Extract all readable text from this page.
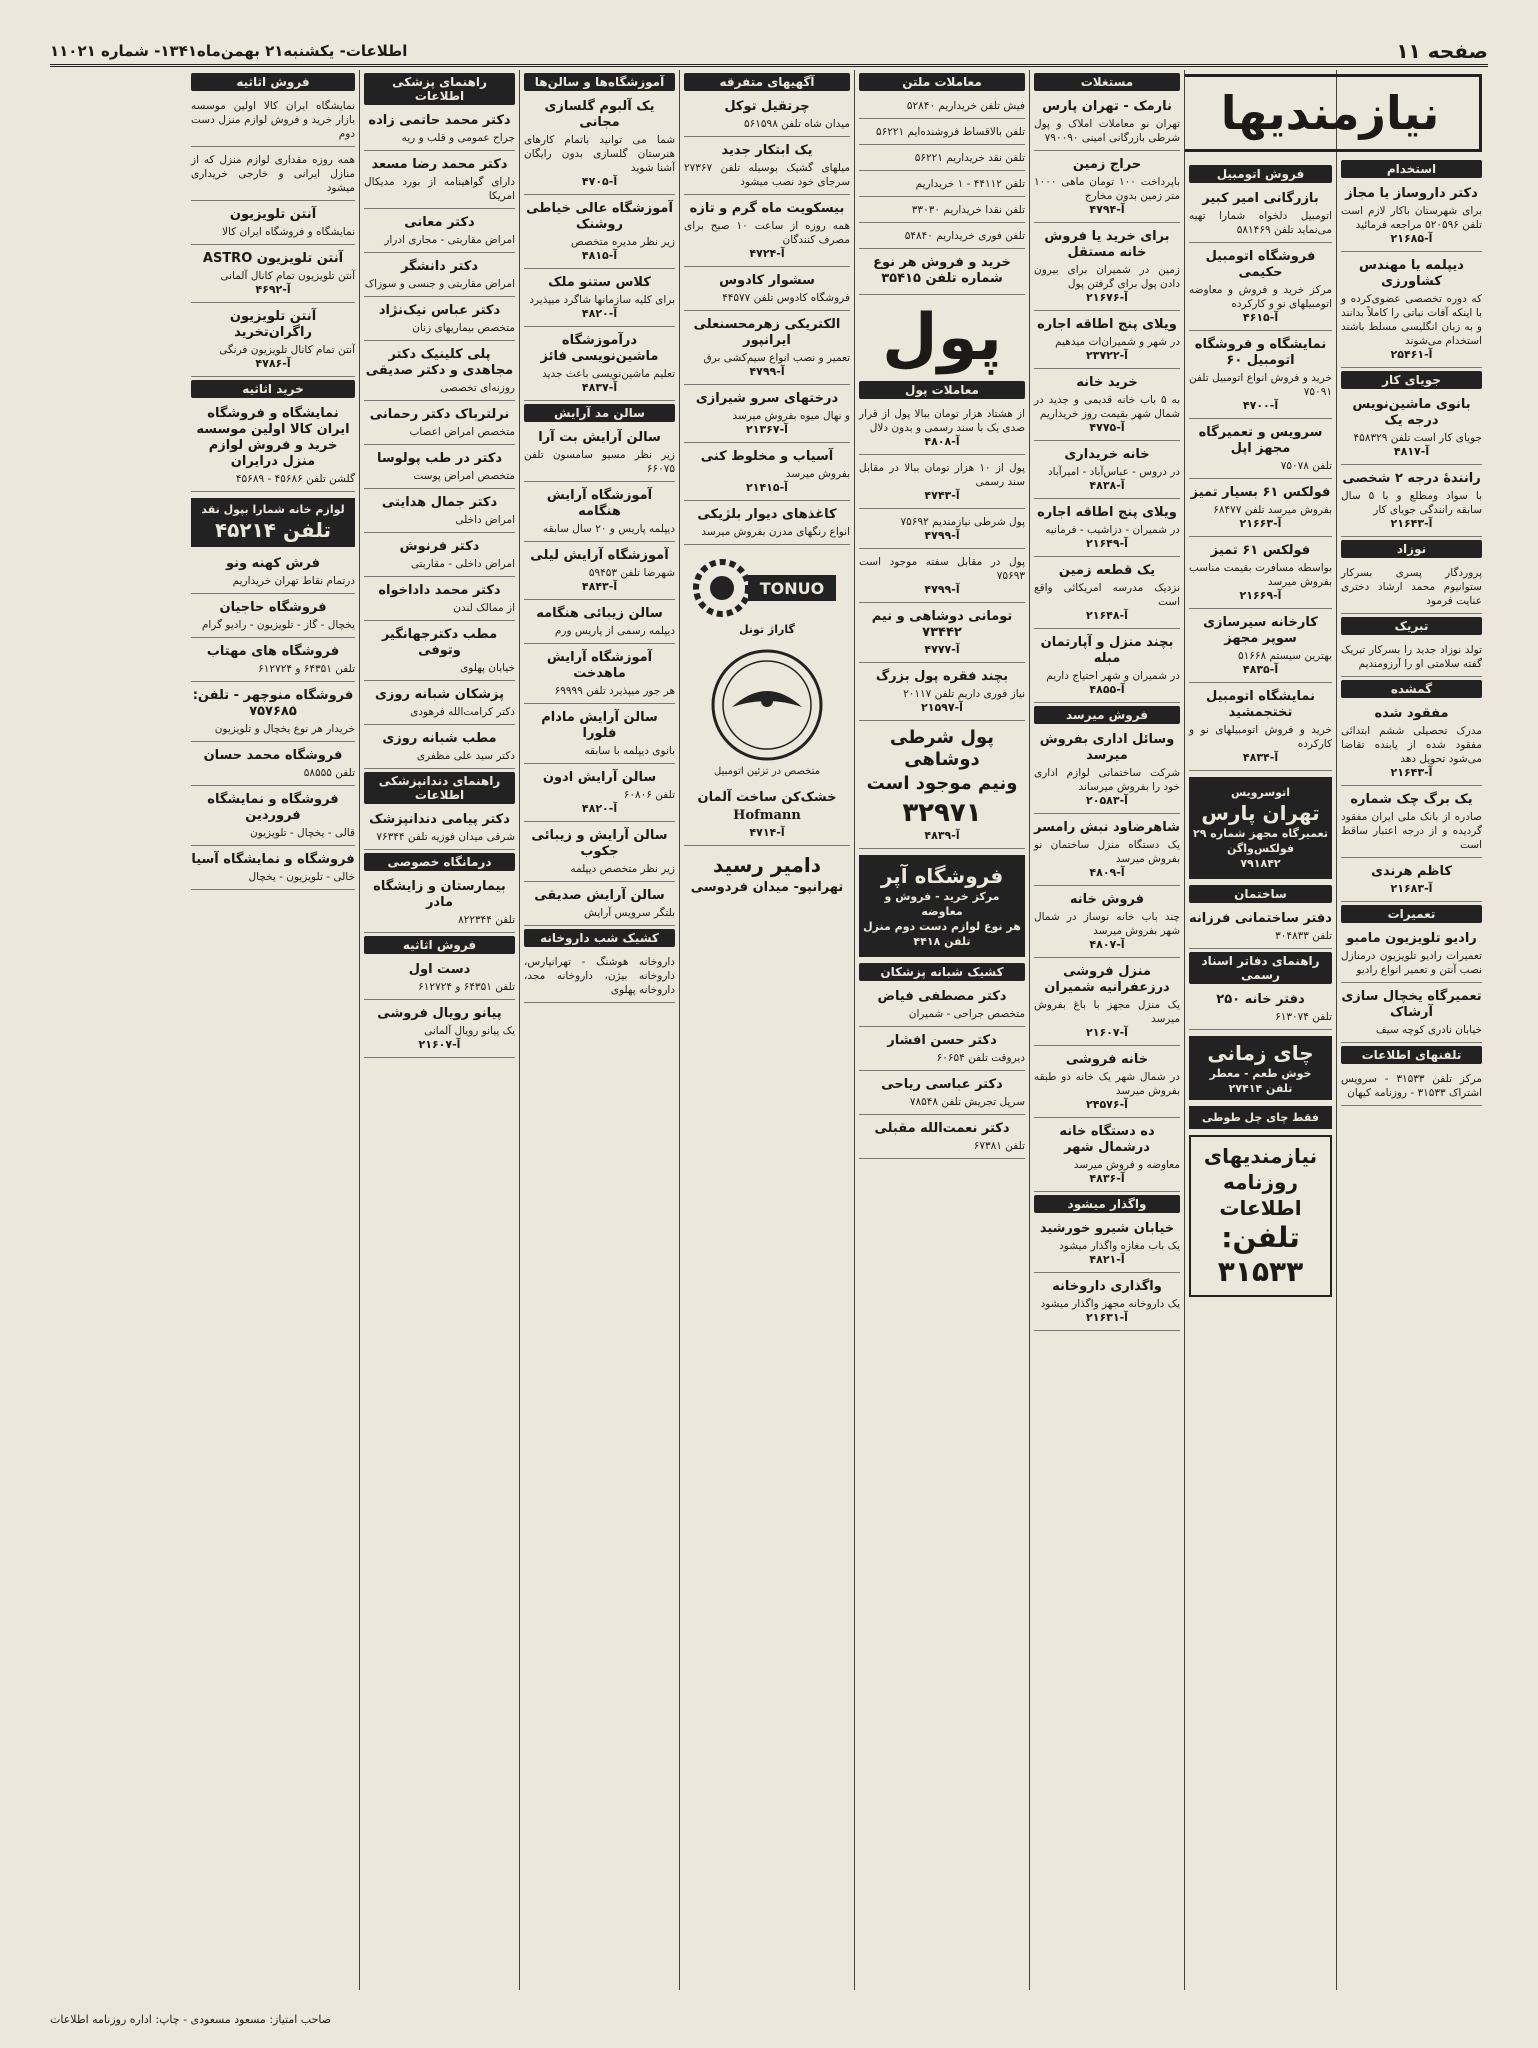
صفحه ۱۱
اطلاعات- یکشنبه۲۱ بهمن‌ماه۱۳۴۱- شماره ۱۱۰۲۱
نیازمندیها
استخدام
دکتر داروساز یا مجاز
برای شهرستان باکار لازم است تلفن ۵۲۰۵۹۶ مراجعه فرمائید
آ-۲۱۶۸۵
دیپلمه یا مهندس کشاورزی
که دوره تخصصی عضوی‌کرده و با اینکه آفات نباتی را کاملاً بدانند و به زبان انگلیسی مسلط باشند استخدام می‌شوند
آ-۲۵۴۶۱
جویای کار
بانوی ماشین‌نویس درجه یک
جویای کار است تلفن ۴۵۸۳۲۹
آ-۴۸۱۷
رانندهٔ درجه ۲ شخصی
با سواد ومطلع و با ۵ سال سابقه رانندگی جویای کار
آ-۲۱۶۴۳
نوزاد
پروردگار پسری بسرکار ستوانیوم محمد ارشاد دختری عنایت فرمود
تبریک
تولد نوزاد جدید را بسرکار تبریک گفته سلامتی او را آرزومندیم
گمشده
مفقود شده
مدرک تحصیلی ششم ابتدائی مفقود شده از یابنده تقاضا می‌شود تحویل دهد
آ-۲۱۶۴۳
یک برگ چک شماره
صادره از بانک ملی ایران مفقود گردیده و از درجه اعتبار ساقط است
کاظم هرندی
آ-۲۱۶۸۳
تعمیرات
رادیو تلویزیون مامبو
تعمیرات رادیو تلویزیون درمنازل نصب آنتن و تعمیر انواع رادیو
تعمیرگاه یخچال سازی آرشاک
خیابان نادری کوچه سیف
تلفنهای اطلاعات
مرکز تلفن ۳۱۵۳۳ - سرویس اشتراک ۳۱۵۳۳ - روزنامه کیهان
فروش اتومبیل
بازرگانی امیر کبیر
اتومبیل دلخواه شمارا تهیه می‌نماید تلفن ۵۸۱۴۶۹
فروشگاه اتومبیل حکیمی
مرکز خرید و فروش و معاوضه اتومبیلهای نو و کارکرده
آ-۴۶۱۵
نمایشگاه و فروشگاه اتومبیل ۶۰
خرید و فروش انواع اتومبیل تلفن ۷۵۰۹۱
آ-۴۷۰۰
سرویس و تعمیرگاه مجهز اپل
تلفن ۷۵۰۷۸
فولکس ۶۱ بسیار تمیز
بفروش میرسد تلفن ۶۸۴۷۷
آ-۲۱۶۶۳
فولکس ۶۱ تمیز
بواسطه مسافرت بقیمت مناسب بفروش میرسد
آ-۲۱۶۶۹
کارخانه سیرسازی سوپر مجهز
بهترین سیستم ۵۱۶۶۸
آ-۴۸۳۵
نمایشگاه اتومبیل تختجمشید
خرید و فروش اتومبیلهای نو و کارکرده
آ-۴۸۳۴
اتوسرویس
تهران پارس
تعمیرگاه مجهز شماره ۲۹ فولکس‌واگن
۷۹۱۸۴۲
ساختمان
دفتر ساختمانی فرزانه
تلفن ۳۰۴۸۳۳
راهنمای دفاتر اسناد رسمی
دفتر خانه ۲۵۰
تلفن ۶۱۳۰۷۴
چای زمانی
خوش طعم - معطر
تلفن ۲۷۴۱۴
فقط چای چل طوطی
نیازمندیهای
روزنامه اطلاعات
تلفن: ۳۱۵۳۳
مستغلات
نارمک - تهران پارس
تهران نو معاملات املاک و پول شرطی بازرگانی امینی ۷۹۰۰۹۰
حراج زمین
باپرداخت ۱۰۰ تومان ماهی ۱۰۰۰ متر زمین بدون مخارج
آ-۴۷۹۴
برای خرید یا فروش خانه مستقل
زمین در شمیران برای بیرون دادن پول برای گرفتن پول
آ-۲۱۶۷۶
ویلای پنج اطاقه اجاره
در شهر و شمیران‌ات میدهیم
آ-۲۳۷۲۲
خرید خانه
به ۵ باب خانه قدیمی و جدید در شمال شهر بقیمت روز خریداریم
آ-۴۷۷۵
خانه خریداری
در دروس - عباس‌آباد - امیرآباد
آ-۴۸۳۸
ویلای پنج اطاقه اجاره
در شمیران - دزاشیب - فرمانیه
آ-۲۱۶۴۹
یک قطعه زمین
نزدیک مدرسه امریکائی واقع است
آ-۲۱۶۴۸
بچند منزل و آپارتمان مبله
در شمیران و شهر احتیاج داریم
آ-۴۸۵۵
فروش میرسد
وسائل اداری بفروش میرسد
شرکت ساختمانی لوازم اداری خود را بفروش میرساند
آ-۲۰۵۸۳
شاهرضاود نبش رامسر
یک دستگاه منزل ساختمان نو بفروش میرسد
آ-۴۸۰۹
فروش خانه
چند باب خانه نوساز در شمال شهر بفروش میرسد
آ-۴۸۰۷
منزل فروشی درزعفرانیه شمیران
یک منزل مجهز با باغ بفروش میرسد
آ-۲۱۶۰۷
خانه فروشی
در شمال شهر یک خانه دو طبقه بفروش میرسد
آ-۲۴۵۷۶
ده دستگاه خانه درشمال شهر
معاوضه و فروش میرسد
آ-۴۸۳۶
واگذار میشود
خیابان شیرو خورشید
یک باب مغازه واگذار میشود
آ-۴۸۲۱
واگذاری داروخانه
یک داروخانه مجهز واگذار میشود
آ-۲۱۶۳۱
معاملات ملتن
فیش تلفن خریداریم ۵۲۸۴۰
تلفن بالاقساط فروشنده‌ایم ۵۶۲۲۱
تلفن نقد خریداریم ۵۶۲۲۱
تلفن ۴۴۱۱۲ - ۱ خریداریم
تلفن نقدا خریداریم ۳۳۰۳۰
تلفن فوری خریداریم ۵۴۸۴۰
خرید و فروش هر نوع شماره تلفن ۳۵۴۱۵
پول
معاملات پول
از هشتاد هزار تومان ببالا پول از قرار صدی یک با سند رسمی و بدون دلال
آ-۴۸۰۸
پول از ۱۰ هزار تومان ببالا در مقابل سند رسمی
آ-۴۷۴۳
پول شرطی نیازمندیم ۷۵۶۹۲
آ-۴۷۹۹
پول در مقابل سفته موجود است ۷۵۶۹۳
آ-۴۷۹۹
تومانی دوشاهی و نیم ۷۳۴۴۲
آ-۴۷۷۷
بچند فقره پول بزرگ
نیاز فوری داریم تلفن ۲۰۱۱۷
آ-۲۱۵۹۷
پول شرطی دوشاهی
ونیم موجود است
۳۲۹۷۱
آ-۴۸۳۹
فروشگاه آپر
مرکز خرید - فروش و معاوضه
هر نوع لوازم دست دوم منزل
تلفن ۴۴۱۸
کشیک شبانه پزشکان
دکتر مصطفی فیاض
متخصص جراحی - شمیران
دکتر حسن افشار
دیروقت تلفن ۶۰۶۵۴
دکتر عباسی ریاحی
سرپل تجریش تلفن ۷۸۵۴۸
دکتر نعمت‌الله مقبلی
تلفن ۶۷۳۸۱
آگهیهای متفرقه
چرتقیل توکل
میدان شاه تلفن ۵۶۱۵۹۸
یک ابتکار جدید
میلهای گشیک بوسیله تلفن ۲۷۳۶۷ سرجای خود نصب میشود
بیسکویت ماه گرم و تازه
همه روزه از ساعت ۱۰ صبح برای مصرف کنندگان
آ-۴۷۲۴
سشوار کادوس
فروشگاه کادوس تلفن ۴۴۵۷۷
الکتریکی زهرمحسنعلی ایرانپور
تعمیر و نصب انواع سیم‌کشی برق
آ-۴۷۹۹
درختهای سرو شیرازی
و نهال میوه بفروش میرسد
آ-۲۱۳۶۷
آسیاب و مخلوط کنی
بفروش میرسد
آ-۲۱۴۱۵
کاغذهای دیوار بلژیکی
انواع رنگهای مدرن بفروش میرسد
TONUO
گاراژ تونل
متخصص در تزئین اتومبیل
خشک‌کن ساخت آلمان
Hofmann
آ-۴۷۱۴
دامیر رسید
تهرانپو- میدان فردوسی
آموزشگاه‌ها و سالن‌ها
یک آلبوم گلسازی مجانی
شما می توانید باتمام کارهای هنرستان گلسازی بدون رایگان آشنا شوید
آ-۴۷۰۵
آموزشگاه عالی خیاطی روشنک
زیر نظر مدیره متخصص
آ-۴۸۱۵
کلاس ستنو ملک
برای کلیه سازمانها شاگرد میپذیرد
آ-۴۸۲۰
درآموزشگاه ماشین‌نویسی فائز
تعلیم ماشین‌نویسی باعث جدید
آ-۴۸۳۷
سالن مد آرایش
سالن آرایش بت آرا
زیر نظر مسیو سامسون تلفن ۶۶۰۷۵
آموزشگاه آرایش هنگامه
دیپلمه پاریس و ۲۰ سال سابقه
آموزشگاه آرایش لیلی
شهرضا تلفن ۵۹۴۵۳
آ-۴۸۴۳
سالن زیبائی هنگامه
دیپلمه رسمی از پاریس ورم
آموزشگاه آرایش ماهدخت
هر جور میپذیرد تلفن ۶۹۹۹۹
سالن آرایش مادام فلورا
بانوی دیپلمه با سابقه
سالن آرایش ادون
تلفن ۶۰۸۰۶
آ-۴۸۲۰
سالن آرایش و زیبائی جکوب
زیر نظر متخصص دیپلمه
سالن آرایش صدیقی
بلتگر سرویس آرایش
کشیک شب داروخانه
داروخانه هوشنگ - تهرانپارس، داروخانه بیژن، داروخانه مجد، داروخانه پهلوی
راهنمای پزشکی اطلاعات
دکتر محمد حاتمی زاده
جراح عمومی و قلب و ریه
دکتر محمد رضا مسعد
دارای گواهینامه از بورد مدیکال امریکا
دکتر معانی
امراض مقاربتی - مجاری ادرار
دکتر دانشگر
امراض مقاربتی و جنسی و سوزاک
دکتر عباس نیک‌نژاد
متخصص بیماریهای زنان
پلی کلینیک دکتر مجاهدی و دکتر صدیقی
روزنه‌ای تخصصی
نرلترباک دکتر رحمانی
متخصص امراض اعصاب
دکتر در طب پولوسا
متخصص امراض پوست
دکتر جمال هدایتی
امراض داخلی
دکتر فرنوش
امراض داخلی - مقاربتی
دکتر محمد داداخواه
از ممالک لندن
مطب دکترجهانگیر وتوفی
خیابان پهلوی
پزشکان شبانه روزی
دکتر کرامت‌الله فرهودی
مطب شبانه روزی
دکتر سید علی مظفری
راهنمای دندانپزشکی اطلاعات
دکتر پیامی دندانپزشک
شرقی میدان فوزیه تلفن ۷۶۳۴۴
درمانگاه خصوصی
بیمارستان و زایشگاه مادر
تلفن ۸۲۲۳۴۴
فروش اثاثیه
دست اول
تلفن ۶۴۳۵۱ و ۶۱۲۷۲۴
پیانو رویال فروشی
یک پیانو رویال آلمانی
آ-۲۱۶۰۷
فروش اثاثیه
نمایشگاه ایران کالا اولین موسسه بازار خرید و فروش لوازم منزل دست دوم
همه روزه مقداری لوازم منزل که از منازل ایرانی و خارجی خریداری میشود
آنتن تلویزیون
نمایشگاه و فروشگاه ایران کالا
آنتن تلویزیون ASTRO
آنتن تلویزیون تمام کانال آلمانی
آ-۴۶۹۲
آنتن تلویزیون راگران‌تخرید
آنتن تمام کانال تلویزیون فرنگی
آ-۴۷۸۶
خرید اثاثیه
نمایشگاه و فروشگاه ایران کالا اولین موسسه خرید و فروش لوازم منزل درایران
گلشن تلفن ۴۵۶۸۶ - ۴۵۶۸۹
لوازم خانه شمارا بپول نقد
تلفن ۴۵۲۱۴
فرش کهنه ونو
درتمام نقاط تهران خریداریم
فروشگاه حاجیان
یخچال - گاز - تلویزیون - رادیو گرام
فروشگاه های مهتاب
تلفن ۶۴۳۵۱ و ۶۱۲۷۲۴
فروشگاه منوچهر - تلفن: ۷۵۷۶۸۵
خریدار هر نوع یخچال و تلویزیون
فروشگاه محمد حسان
تلفن ۵۸۵۵۵
فروشگاه و نمایشگاه فروردین
قالی - یخچال - تلویزیون
فروشگاه و نمایشگاه آسیا
خالی - تلویزیون - یخچال
صاحب امتیاز: مسعود مسعودی - چاپ: اداره روزنامه اطلاعات
